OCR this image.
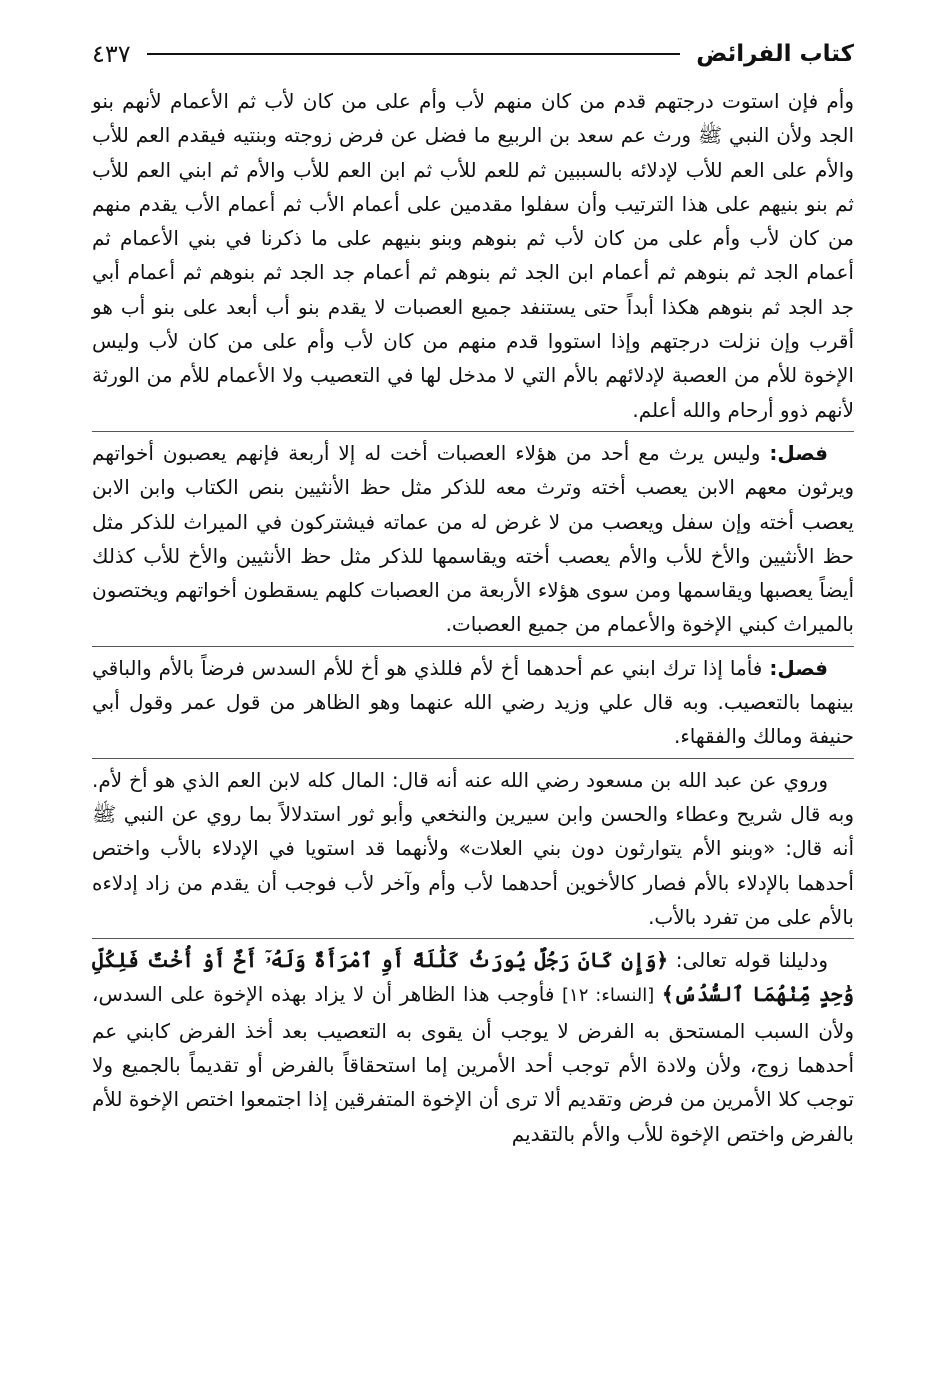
كتاب الفرائض
٤٣٧

وأم فإن استوت درجتهم قدم من كان منهم لأب وأم على من كان لأب ثم الأعمام لأنهم بنو الجد ولأن النبي ﷺ ورث عم سعد بن الربيع ما فضل عن فرض زوجته وبنتيه فيقدم العم للأب والأم على العم للأب لإدلائه بالسببين ثم للعم للأب ثم ابن العم للأب والأم ثم ابني العم للأب ثم بنو بنيهم على هذا الترتيب وأن سفلوا مقدمين على أعمام الأب ثم أعمام الأب يقدم منهم من كان لأب وأم على من كان لأب ثم بنوهم وبنو بنيهم على ما ذكرنا في بني الأعمام ثم أعمام الجد ثم بنوهم ثم أعمام ابن الجد ثم بنوهم ثم أعمام جد الجد ثم بنوهم ثم أعمام أبي جد الجد ثم بنوهم هكذا أبداً حتى يستنفد جميع العصبات لا يقدم بنو أب أبعد على بنو أب هو أقرب وإن نزلت درجتهم وإذا استووا قدم منهم من كان لأب وأم على من كان لأب وليس الإخوة للأم من العصبة لإدلائهم بالأم التي لا مدخل لها في التعصيب ولا الأعمام للأم من الورثة لأنهم ذوو أرحام والله أعلم.

فصل: وليس يرث مع أحد من هؤلاء العصبات أخت له إلا أربعة فإنهم يعصبون أخواتهم ويرثون معهم الابن يعصب أخته وترث معه للذكر مثل حظ الأنثيين بنص الكتاب وابن الابن يعصب أخته وإن سفل ويعصب من لا غرض له من عماته فيشتركون في الميراث للذكر مثل حظ الأنثيين والأخ للأب والأم يعصب أخته ويقاسمها للذكر مثل حظ الأنثيين والأخ للأب كذلك أيضاً يعصبها ويقاسمها ومن سوى هؤلاء الأربعة من العصبات كلهم يسقطون أخواتهم ويختصون بالميراث كبني الإخوة والأعمام من جميع العصبات.

فصل: فأما إذا ترك ابني عم أحدهما أخ لأم فللذي هو أخ للأم السدس فرضاً بالأم والباقي بينهما بالتعصيب. وبه قال علي وزيد رضي الله عنهما وهو الظاهر من قول عمر وقول أبي حنيفة ومالك والفقهاء.

وروي عن عبد الله بن مسعود رضي الله عنه أنه قال: المال كله لابن العم الذي هو أخ لأم. وبه قال شريح وعطاء والحسن وابن سيرين والنخعي وأبو ثور استدلالاً بما روي عن النبي ﷺ أنه قال: «وبنو الأم يتوارثون دون بني العلات» ولأنهما قد استويا في الإدلاء بالأب واختص أحدهما بالإدلاء بالأم فصار كالأخوين أحدهما لأب وأم وآخر لأب فوجب أن يقدم من زاد إدلاءه بالأم على من تفرد بالأب.

ودليلنا قوله تعالى: ﴿وَإِن كَانَ رَجُلٌ يُورَثُ كَلَٰلَةً أَوِ ٱمْرَأَةٌ وَلَهُۥٓ أَخٌ أَوْ أُخْتٌ فَلِكُلِّ وَٰحِدٍ مِّنْهُمَا ٱلسُّدُسُ﴾ [النساء: ١٢] فأوجب هذا الظاهر أن لا يزاد بهذه الإخوة على السدس، ولأن السبب المستحق به الفرض لا يوجب أن يقوى به التعصيب بعد أخذ الفرض كابني عم أحدهما زوج، ولأن ولادة الأم توجب أحد الأمرين إما استحقاقاً بالفرض أو تقديماً بالجميع ولا توجب كلا الأمرين من فرض وتقديم ألا ترى أن الإخوة المتفرقين إذا اجتمعوا اختص الإخوة للأم بالفرض واختص الإخوة للأب والأم بالتقديم
